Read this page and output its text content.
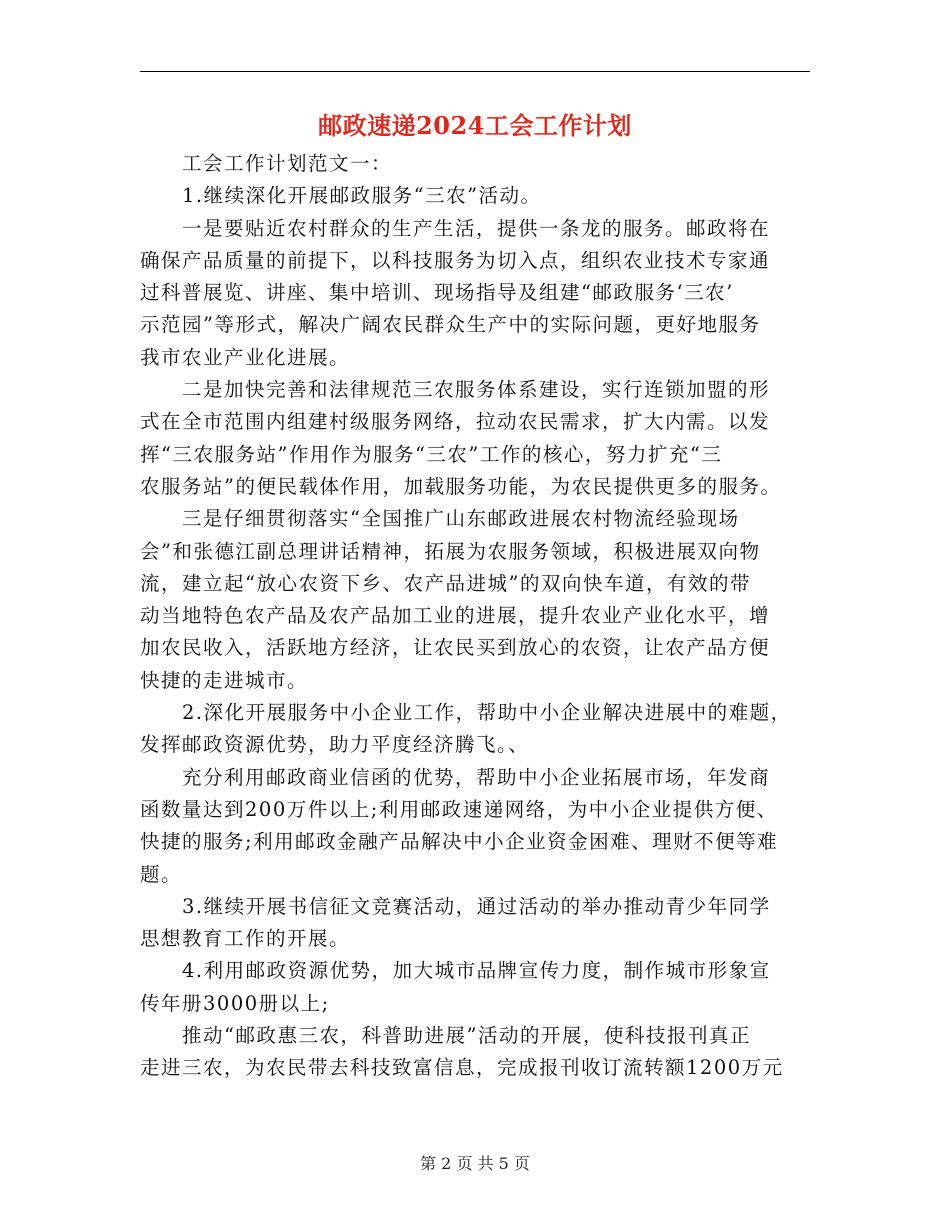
邮政速递2024工会工作计划
工会工作计划范文一：
1.继续深化开展邮政服务“三农”活动。
一是要贴近农村群众的生产生活，提供一条龙的服务。邮政将在
确保产品质量的前提下，以科技服务为切入点，组织农业技术专家通
过科普展览、讲座、集中培训、现场指导及组建“邮政服务‘三农’
示范园”等形式，解决广阔农民群众生产中的实际问题，更好地服务
我市农业产业化进展。
二是加快完善和法律规范三农服务体系建设，实行连锁加盟的形
式在全市范围内组建村级服务网络，拉动农民需求，扩大内需。以发
挥“三农服务站”作用作为服务“三农”工作的核心，努力扩充“三
农服务站”的便民载体作用，加载服务功能，为农民提供更多的服务。
三是仔细贯彻落实“全国推广山东邮政进展农村物流经验现场
会”和张德江副总理讲话精神，拓展为农服务领域，积极进展双向物
流，建立起“放心农资下乡、农产品进城”的双向快车道，有效的带
动当地特色农产品及农产品加工业的进展，提升农业产业化水平，增
加农民收入，活跃地方经济，让农民买到放心的农资，让农产品方便
快捷的走进城市。
2.深化开展服务中小企业工作，帮助中小企业解决进展中的难题，
发挥邮政资源优势，助力平度经济腾飞。、
充分利用邮政商业信函的优势，帮助中小企业拓展市场，年发商
函数量达到200万件以上;利用邮政速递网络，为中小企业提供方便、
快捷的服务;利用邮政金融产品解决中小企业资金困难、理财不便等难
题。
3.继续开展书信征文竞赛活动，通过活动的举办推动青少年同学
思想教育工作的开展。
4.利用邮政资源优势，加大城市品牌宣传力度，制作城市形象宣
传年册3000册以上;
推动“邮政惠三农，科普助进展”活动的开展，使科技报刊真正
走进三农，为农民带去科技致富信息，完成报刊收订流转额1200万元
第 2 页 共 5 页
